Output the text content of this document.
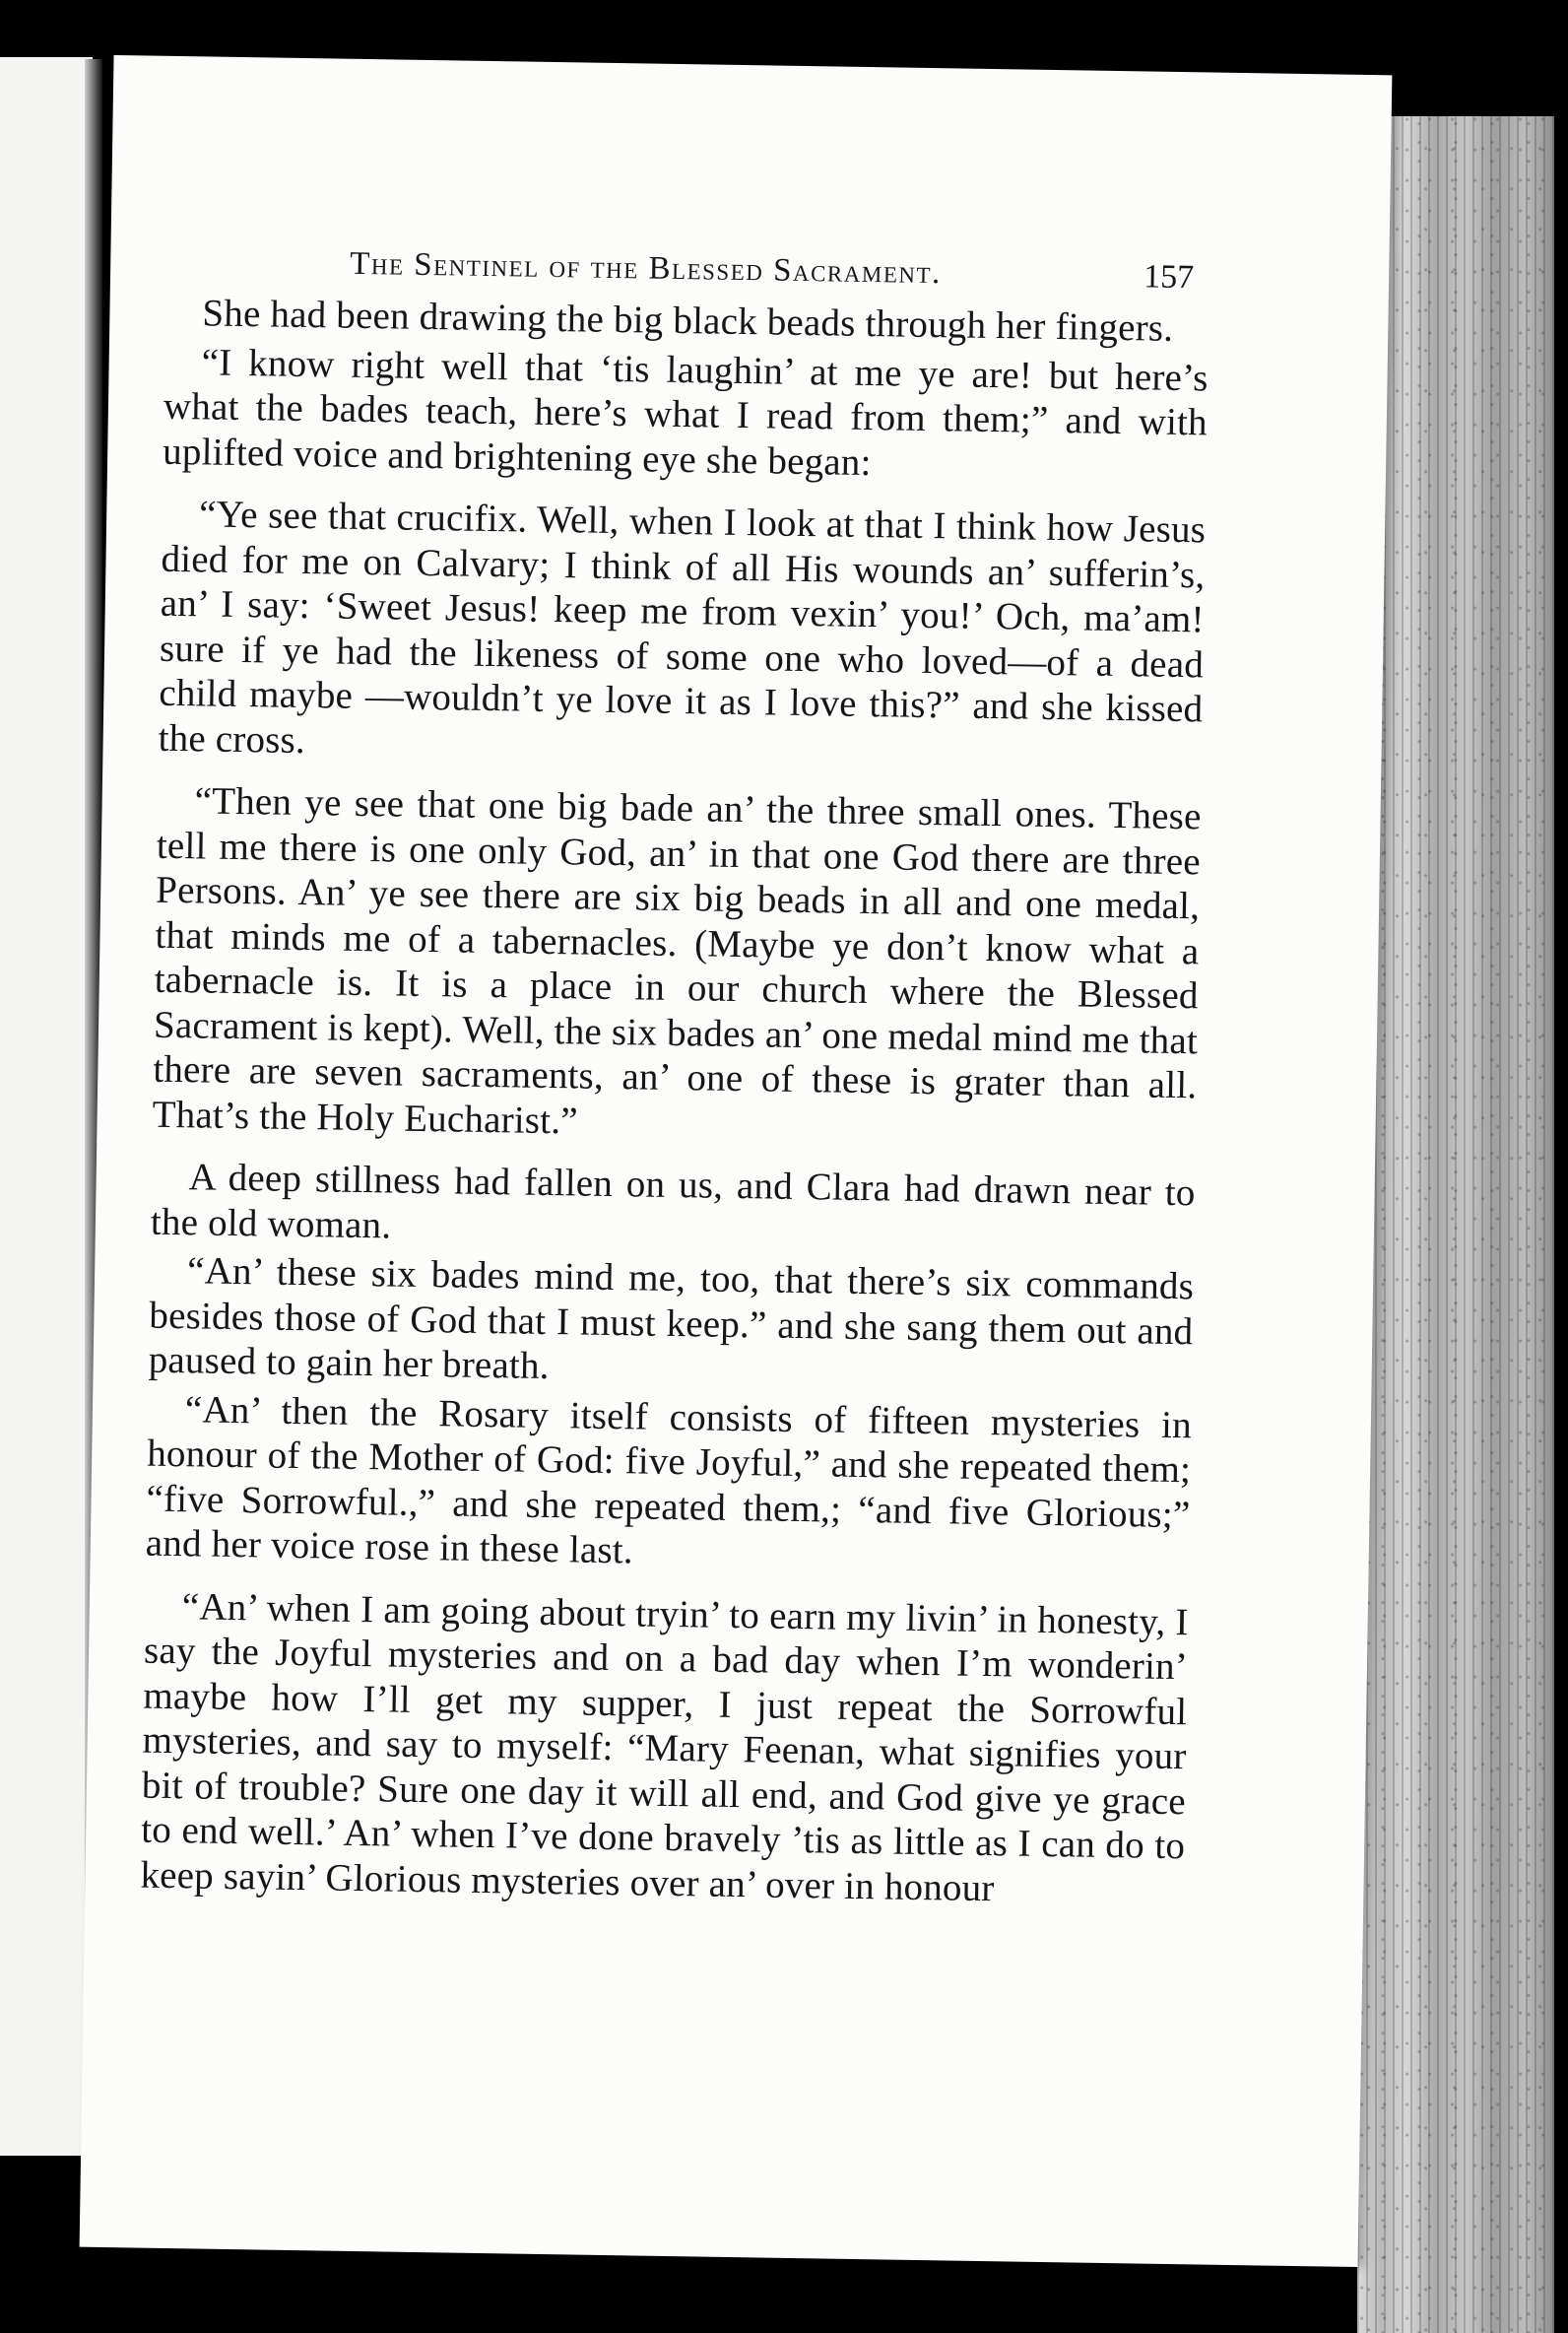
The Sentinel of the Blessed Sacrament.	157

She had been drawing the big black beads through her fingers.

“I know right well that ‘tis laughin’ at me ye are! but here’s what the bades teach, here’s what I read from them;” and with uplifted voice and brightening eye she began:

“Ye see that crucifix. Well, when I look at that I think how Jesus died for me on Calvary; I think of all His wounds an’ sufferin’s, an’ I say: ‘Sweet Jesus! keep me from vexin’ you!’ Och, ma’am! sure if ye had the likeness of some one who loved—of a dead child maybe —wouldn’t ye love it as I love this?” and she kissed the cross.

“Then ye see that one big bade an’ the three small ones. These tell me there is one only God, an’ in that one God there are three Persons. An’ ye see there are six big beads in all and one medal, that minds me of a tabernacles. (Maybe ye don’t know what a tabernacle is. It is a place in our church where the Blessed Sacrament is kept). Well, the six bades an’ one medal mind me that there are seven sacraments, an’ one of these is grater than all. That’s the Holy Eucharist.”

A deep stillness had fallen on us, and Clara had drawn near to the old woman.

“An’ these six bades mind me, too, that there’s six commands besides those of God that I must keep.” and she sang them out and paused to gain her breath.

“An’ then the Rosary itself consists of fifteen mysteries in honour of the Mother of God: five Joyful,” and she repeated them; “five Sorrowful.,” and she repeated them,; “and five Glorious;” and her voice rose in these last.

“An’ when I am going about tryin’ to earn my livin’ in honesty, I say the Joyful mysteries and on a bad day when I’m wonderin’ maybe how I’ll get my supper, I just repeat the Sorrowful mysteries, and say to myself: “Mary Feenan, what signifies your bit of trouble? Sure one day it will all end, and God give ye grace to end well.’ An’ when I’ve done bravely ’tis as little as I can do to keep sayin’ Glorious mysteries over an’ over in honour
